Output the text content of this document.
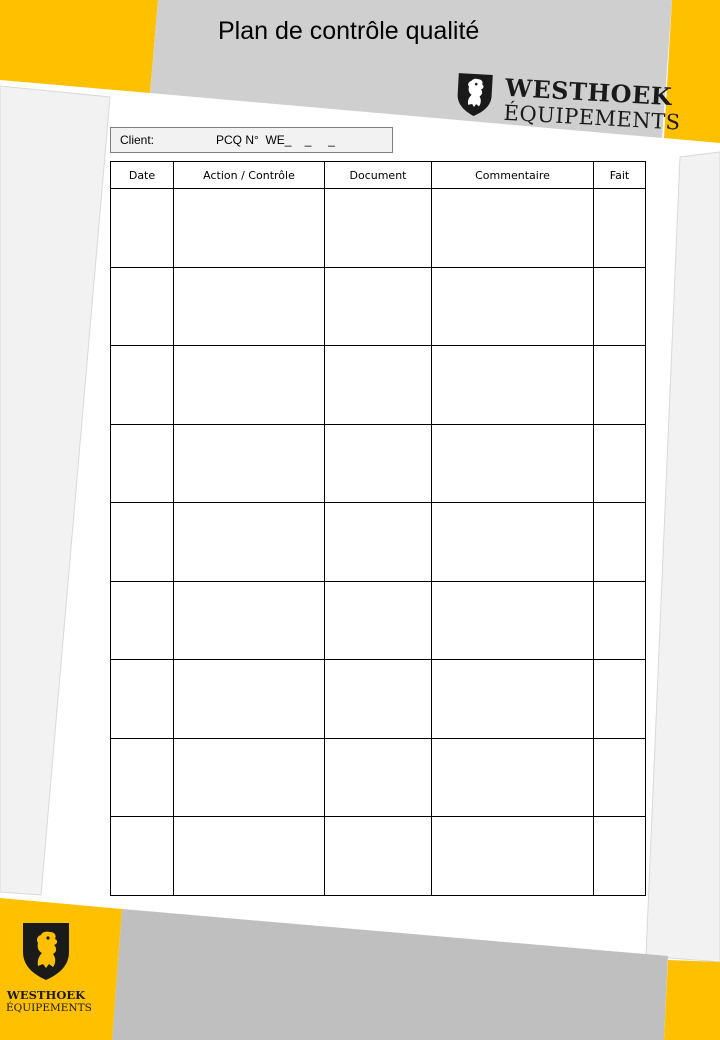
Plan de contrôle qualité
WESTHOEK
ÉQUIPEMENTS
WESTHOEK
ÉQUIPEMENTS
Client:	PCQ N°  WE_    _     _
Date	Action / Contrôle	Document	Commentaire	Fait
